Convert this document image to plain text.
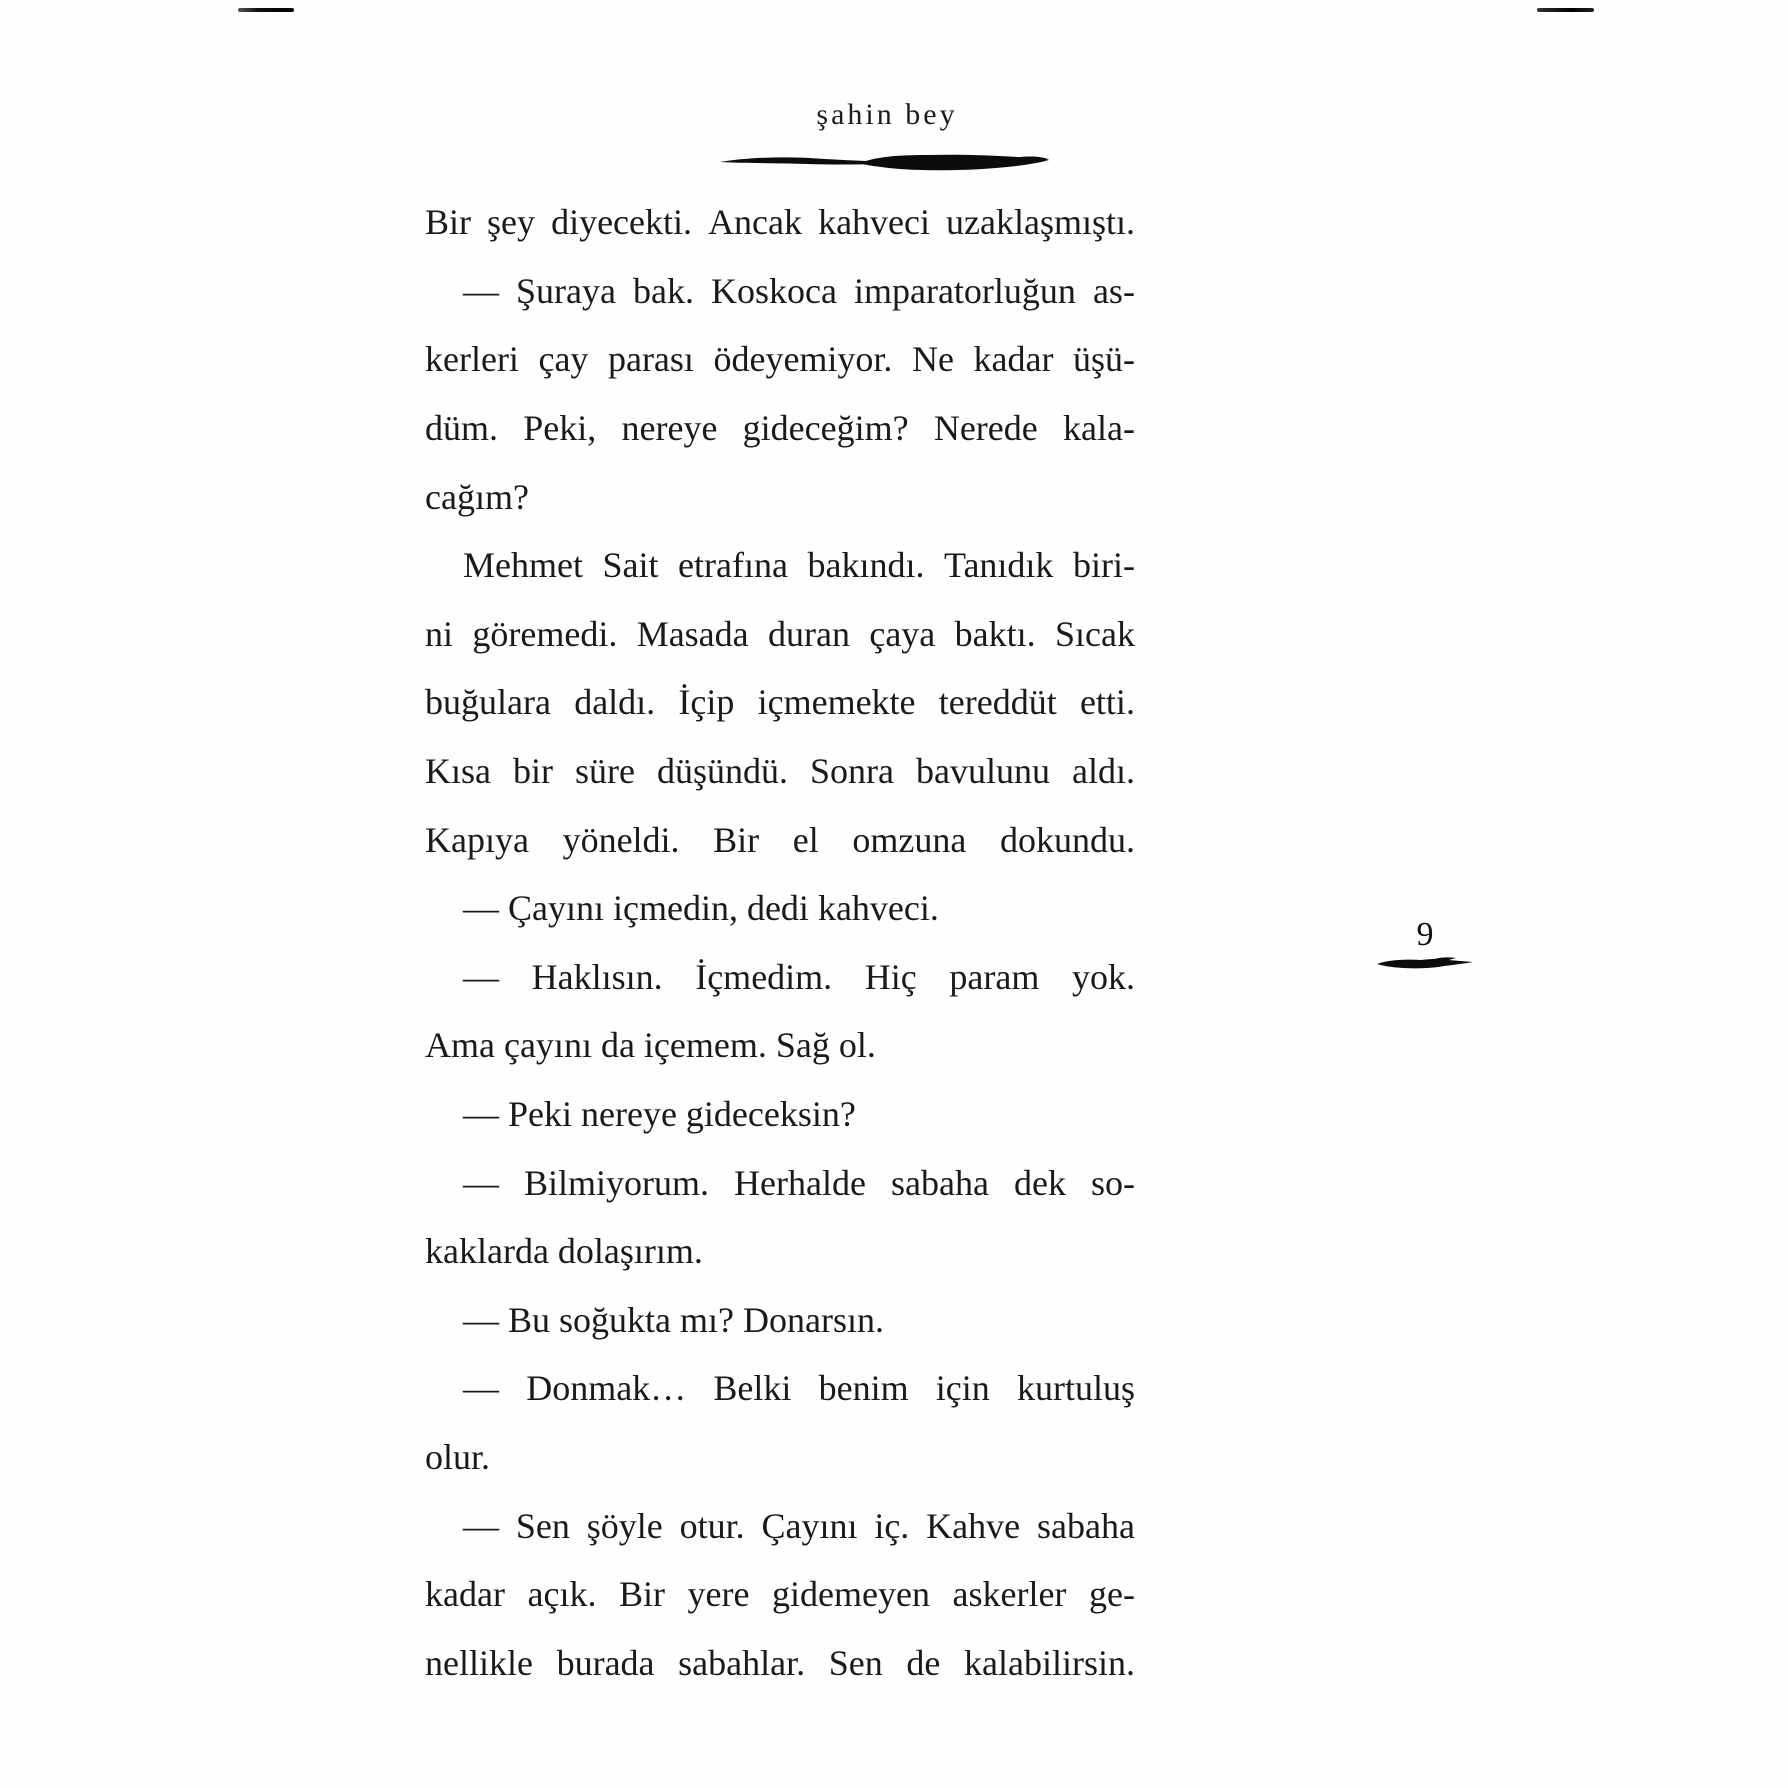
şahin bey
9
Bir şey diyecekti. Ancak kahveci uzaklaşmıştı.
— Şuraya bak. Koskoca imparatorluğun as-
kerleri çay parası ödeyemiyor. Ne kadar üşü-
düm. Peki, nereye gideceğim? Nerede kala-
cağım?
Mehmet Sait etrafına bakındı. Tanıdık biri-
ni göremedi. Masada duran çaya baktı. Sıcak
buğulara daldı. İçip içmemekte tereddüt etti.
Kısa bir süre düşündü. Sonra bavulunu aldı.
Kapıya yöneldi. Bir el omzuna dokundu.
— Çayını içmedin, dedi kahveci.
— Haklısın. İçmedim. Hiç param yok.
Ama çayını da içemem. Sağ ol.
— Peki nereye gideceksin?
— Bilmiyorum. Herhalde sabaha dek so-
kaklarda dolaşırım.
— Bu soğukta mı? Donarsın.
— Donmak… Belki benim için kurtuluş
olur.
— Sen şöyle otur. Çayını iç. Kahve sabaha
kadar açık. Bir yere gidemeyen askerler ge-
nellikle burada sabahlar. Sen de kalabilirsin.
